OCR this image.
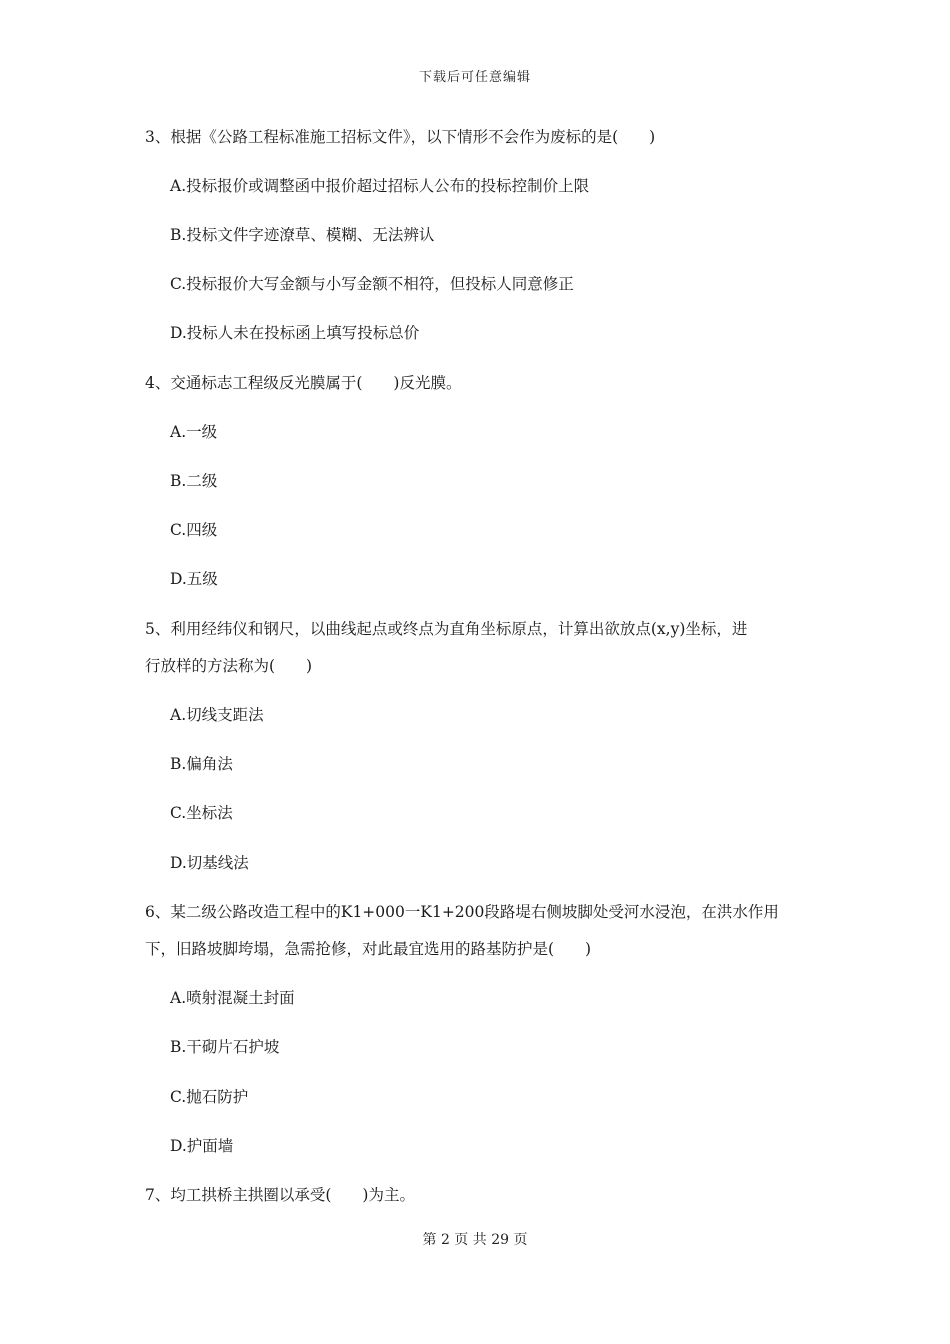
下载后可任意编辑
3、根据《公路工程标准施工招标文件》，以下情形不会作为废标的是(　　)
A.投标报价或调整函中报价超过招标人公布的投标控制价上限
B.投标文件字迹潦草、模糊、无法辨认
C.投标报价大写金额与小写金额不相符，但投标人同意修正
D.投标人未在投标函上填写投标总价
4、交通标志工程级反光膜属于(　　)反光膜。
A.一级
B.二级
C.四级
D.五级
5、利用经纬仪和钢尺，以曲线起点或终点为直角坐标原点，计算出欲放点(x,y)坐标，进
行放样的方法称为(　　)
A.切线支距法
B.偏角法
C.坐标法
D.切基线法
6、某二级公路改造工程中的K1+000一K1+200段路堤右侧坡脚处受河水浸泡，在洪水作用
下，旧路坡脚垮塌，急需抢修，对此最宜选用的路基防护是(　　)
A.喷射混凝土封面
B.干砌片石护坡
C.抛石防护
D.护面墙
7、均工拱桥主拱圈以承受(　　)为主。
第 2 页 共 29 页
